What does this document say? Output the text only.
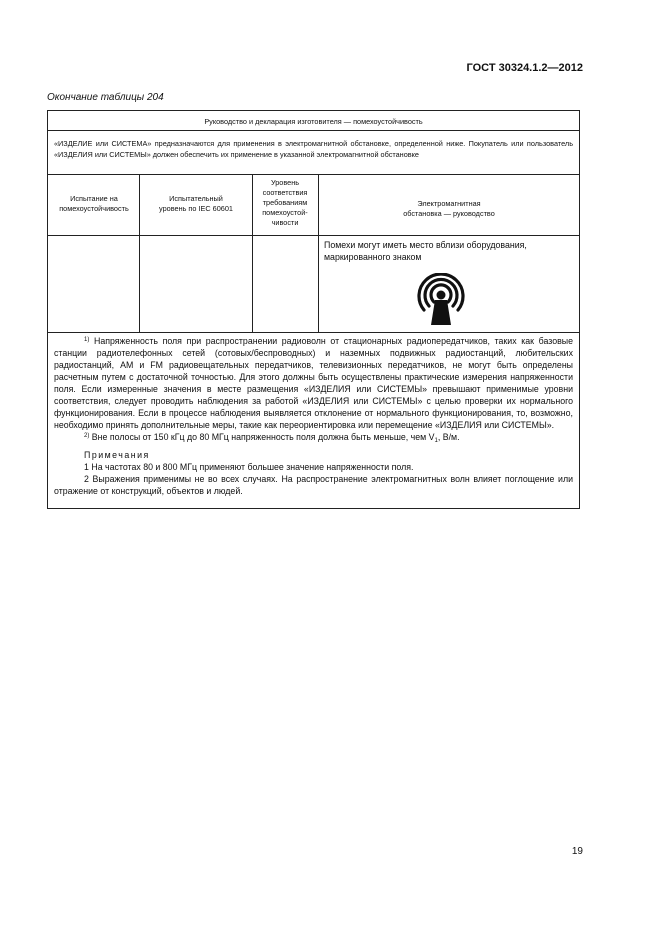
ГОСТ 30324.1.2—2012
Окончание таблицы 204
Руководство и декларация изготовителя — помехоустойчивость
«ИЗДЕЛИЕ или СИСТЕМА» предназначаются для применения в электромагнитной обстановке, определенной ниже. Покупатель или пользователь «ИЗДЕЛИЯ или СИСТЕМЫ» должен обеспечить их применение в указанной электромагнитной обстановке
Испытание на
помехоустойчивость
Испытательный
уровень по IEC 60601
Уровень
соответствия
требованиям
помехоустой-
чивости
Электромагнитная
обстановка — руководство
Помехи могут иметь место вблизи оборудования,
маркированного знаком

$^{1)}$ Напряженность поля при распространении радиоволн от стационарных радиопередатчиков, таких как базовые станции радиотелефонных сетей (сотовых/беспроводных) и наземных подвижных радиостанций, любительских радиостанций, AM и FM радиовещательных передатчиков, телевизионных передатчиков, не могут быть определены расчетным путем с достаточной точностью. Для этого должны быть осуществлены практические измерения напряженности поля. Если измеренные значения в месте размещения «ИЗДЕЛИЯ или СИСТЕМЫ» превышают применимые уровни соответствия, следует проводить наблюдения за работой «ИЗДЕЛИЯ или СИСТЕМЫ» с целью проверки их нормального функционирования. Если в процессе наблюдения выявляется отклонение от нормального функционирования, то, возможно, необходимо принять дополнительные меры, такие как переориентировка или перемещение «ИЗДЕЛИЯ или СИСТЕМЫ».

$^{2)}$ Вне полосы от 150 кГц до 80 МГц напряженность поля должна быть меньше, чем $V_1$, В/м.

Примечания

1 На частотах 80 и 800 МГц применяют большее значение напряженности поля.

2 Выражения применимы не во всех случаях. На распространение электромагнитных волн влияет поглощение или отражение от конструкций, объектов и людей.

19
